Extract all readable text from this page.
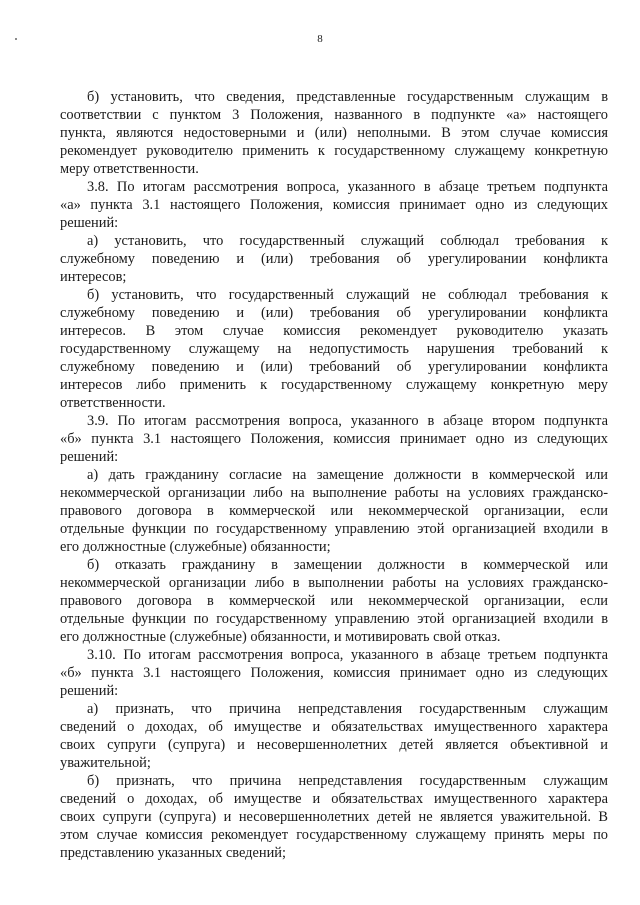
8
б) установить, что сведения, представленные государственным служащим в
соответствии с пунктом 3 Положения, названного в подпункте «а» настоящего
пункта, являются недостоверными и (или) неполными. В этом случае комиссия
рекомендует руководителю применить к государственному служащему конкретную
меру ответственности.
3.8. По итогам рассмотрения вопроса, указанного в абзаце третьем подпункта
«а» пункта 3.1 настоящего Положения, комиссия принимает одно из следующих
решений:
а) установить, что государственный служащий соблюдал требования к
служебному поведению и (или) требования об урегулировании конфликта
интересов;
б) установить, что государственный служащий не соблюдал требования к
служебному поведению и (или) требования об урегулировании конфликта
интересов. В этом случае комиссия рекомендует руководителю указать
государственному служащему на недопустимость нарушения требований к
служебному поведению и (или) требований об урегулировании конфликта
интересов либо применить к государственному служащему конкретную меру
ответственности.
3.9. По итогам рассмотрения вопроса, указанного в абзаце втором подпункта
«б» пункта 3.1 настоящего Положения, комиссия принимает одно из следующих
решений:
а) дать гражданину согласие на замещение должности в коммерческой или
некоммерческой организации либо на выполнение работы на условиях гражданско-
правового договора в коммерческой или некоммерческой организации, если
отдельные функции по государственному управлению этой организацией входили в
его должностные (служебные) обязанности;
б) отказать гражданину в замещении должности в коммерческой или
некоммерческой организации либо в выполнении работы на условиях гражданско-
правового договора в коммерческой или некоммерческой организации, если
отдельные функции по государственному управлению этой организацией входили в
его должностные (служебные) обязанности, и мотивировать свой отказ.
3.10. По итогам рассмотрения вопроса, указанного в абзаце третьем подпункта
«б» пункта 3.1 настоящего Положения, комиссия принимает одно из следующих
решений:
а) признать, что причина непредставления государственным служащим
сведений о доходах, об имуществе и обязательствах имущественного характера
своих супруги (супруга) и несовершеннолетних детей является объективной и
уважительной;
б) признать, что причина непредставления государственным служащим
сведений о доходах, об имуществе и обязательствах имущественного характера
своих супруги (супруга) и несовершеннолетних детей не является уважительной. В
этом случае комиссия рекомендует государственному служащему принять меры по
представлению указанных сведений;
